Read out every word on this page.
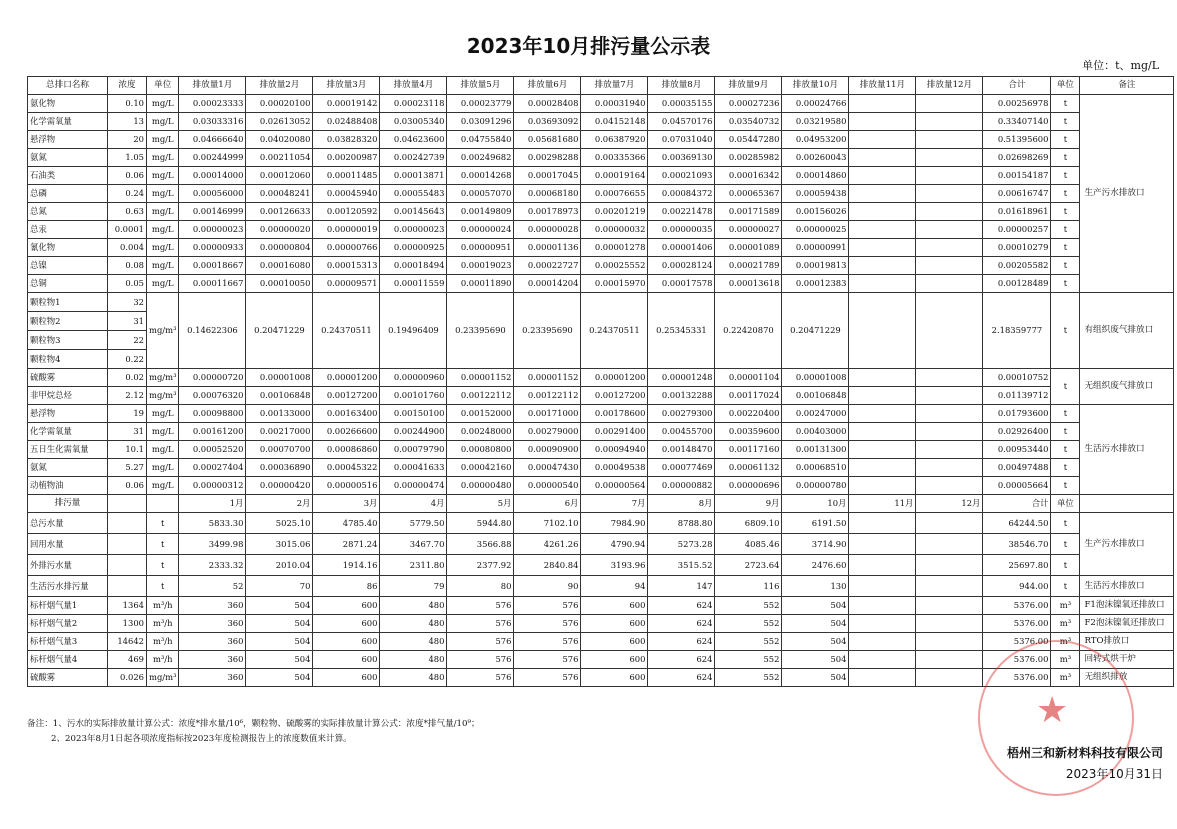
2023年10月排污量公示表
单位：t、mg/L
总排口名称	浓度	单位	排放量1月	排放量2月	排放量3月	排放量4月	排放量5月	排放量6月	排放量7月	排放量8月	排放量9月	排放量10月	排放量11月	排放量12月	合计	单位	备注
氨化物	0.10	mg/L	0.00023333	0.00020100	0.00019142	0.00023118	0.00023779	0.00028408	0.00031940	0.00035155	0.00027236	0.00024766			0.00256978	t	生产污水排放口
化学需氧量	13	mg/L	0.03033316	0.02613052	0.02488408	0.03005340	0.03091296	0.03693092	0.04152148	0.04570176	0.03540732	0.03219580			0.33407140	t	
悬浮物	20	mg/L	0.04666640	0.04020080	0.03828320	0.04623600	0.04755840	0.05681680	0.06387920	0.07031040	0.05447280	0.04953200			0.51395600	t	
氨氮	1.05	mg/L	0.00244999	0.00211054	0.00200987	0.00242739	0.00249682	0.00298288	0.00335366	0.00369130	0.00285982	0.00260043			0.02698269	t	
石油类	0.06	mg/L	0.00014000	0.00012060	0.00011485	0.00013871	0.00014268	0.00017045	0.00019164	0.00021093	0.00016342	0.00014860			0.00154187	t	
总磷	0.24	mg/L	0.00056000	0.00048241	0.00045940	0.00055483	0.00057070	0.00068180	0.00076655	0.00084372	0.00065367	0.00059438			0.00616747	t	
总氮	0.63	mg/L	0.00146999	0.00126633	0.00120592	0.00145643	0.00149809	0.00178973	0.00201219	0.00221478	0.00171589	0.00156026			0.01618961	t	
总汞	0.0001	mg/L	0.00000023	0.00000020	0.00000019	0.00000023	0.00000024	0.00000028	0.00000032	0.00000035	0.00000027	0.00000025			0.00000257	t	
氰化物	0.004	mg/L	0.00000933	0.00000804	0.00000766	0.00000925	0.00000951	0.00001136	0.00001278	0.00001406	0.00001089	0.00000991			0.00010279	t	
总镍	0.08	mg/L	0.00018667	0.00016080	0.00015313	0.00018494	0.00019023	0.00022727	0.00025552	0.00028124	0.00021789	0.00019813			0.00205582	t	
总铜	0.05	mg/L	0.00011667	0.00010050	0.00009571	0.00011559	0.00011890	0.00014204	0.00015970	0.00017578	0.00013618	0.00012383			0.00128489	t	
颗粒物1	32	mg/m³	0.14622306	0.20471229	0.24370511	0.19496409	0.23395690	0.23395690	0.24370511	0.25345331	0.22420870	0.20471229			2.18359777	t	有组织废气排放口
颗粒物2	31																
颗粒物3	22																
颗粒物4	0.22																
硫酸雾	0.02	mg/m³	0.00000720	0.00001008	0.00001200	0.00000960	0.00001152	0.00001152	0.00001200	0.00001248	0.00001104	0.00001008			0.00010752	t	无组织废气排放口
非甲烷总烃	2.12	mg/m³	0.00076320	0.00106848	0.00127200	0.00101760	0.00122112	0.00122112	0.00127200	0.00132288	0.00117024	0.00106848			0.01139712		
悬浮物	19	mg/L	0.00098800	0.00133000	0.00163400	0.00150100	0.00152000	0.00171000	0.00178600	0.00279300	0.00220400	0.00247000			0.01793600	t	生活污水排放口
化学需氧量	31	mg/L	0.00161200	0.00217000	0.00266600	0.00244900	0.00248000	0.00279000	0.00291400	0.00455700	0.00359600	0.00403000			0.02926400	t	
五日生化需氧量	10.1	mg/L	0.00052520	0.00070700	0.00086860	0.00079790	0.00080800	0.00090900	0.00094940	0.00148470	0.00117160	0.00131300			0.00953440	t	
氨氮	5.27	mg/L	0.00027404	0.00036890	0.00045322	0.00041633	0.00042160	0.00047430	0.00049538	0.00077469	0.00061132	0.00068510			0.00497488	t	
动植物油	0.06	mg/L	0.00000312	0.00000420	0.00000516	0.00000474	0.00000480	0.00000540	0.00000564	0.00000882	0.00000696	0.00000780			0.00005664	t	
排污量			1月	2月	3月	4月	5月	6月	7月	8月	9月	10月	11月	12月	合计	单位	
总污水量		t	5833.30	5025.10	4785.40	5779.50	5944.80	7102.10	7984.90	8788.80	6809.10	6191.50			64244.50	t	生产污水排放口
回用水量		t	3499.98	3015.06	2871.24	3467.70	3566.88	4261.26	4790.94	5273.28	4085.46	3714.90			38546.70	t	
外排污水量		t	2333.32	2010.04	1914.16	2311.80	2377.92	2840.84	3193.96	3515.52	2723.64	2476.60			25697.80	t	
生活污水排污量		t	52	70	86	79	80	90	94	147	116	130			944.00	t	生活污水排放口
标杆烟气量1	1364	m³/h	360	504	600	480	576	576	600	624	552	504			5376.00	m³	F1泡沫镍氧还排放口
标杆烟气量2	1300	m³/h	360	504	600	480	576	576	600	624	552	504			5376.00	m³	F2泡沫镍氧还排放口
标杆烟气量3	14642	m³/h	360	504	600	480	576	576	600	624	552	504			5376.00	m³	RTO排放口
标杆烟气量4	469	m³/h	360	504	600	480	576	576	600	624	552	504			5376.00	m³	回转式烘干炉
硫酸雾	0.026	mg/m³	360	504	600	480	576	576	600	624	552	504			5376.00	m³	无组织排放
备注：1、污水的实际排放量计算公式：浓度*排水量/10⁶，颗粒物、硫酸雾的实际排放量计算公式：浓度*排气量/10⁹；
2、2023年8月1日起各项浓度指标按2023年度检测报告上的浓度数值来计算。
★
梧州三和新材料科技有限公司
2023年10月31日
